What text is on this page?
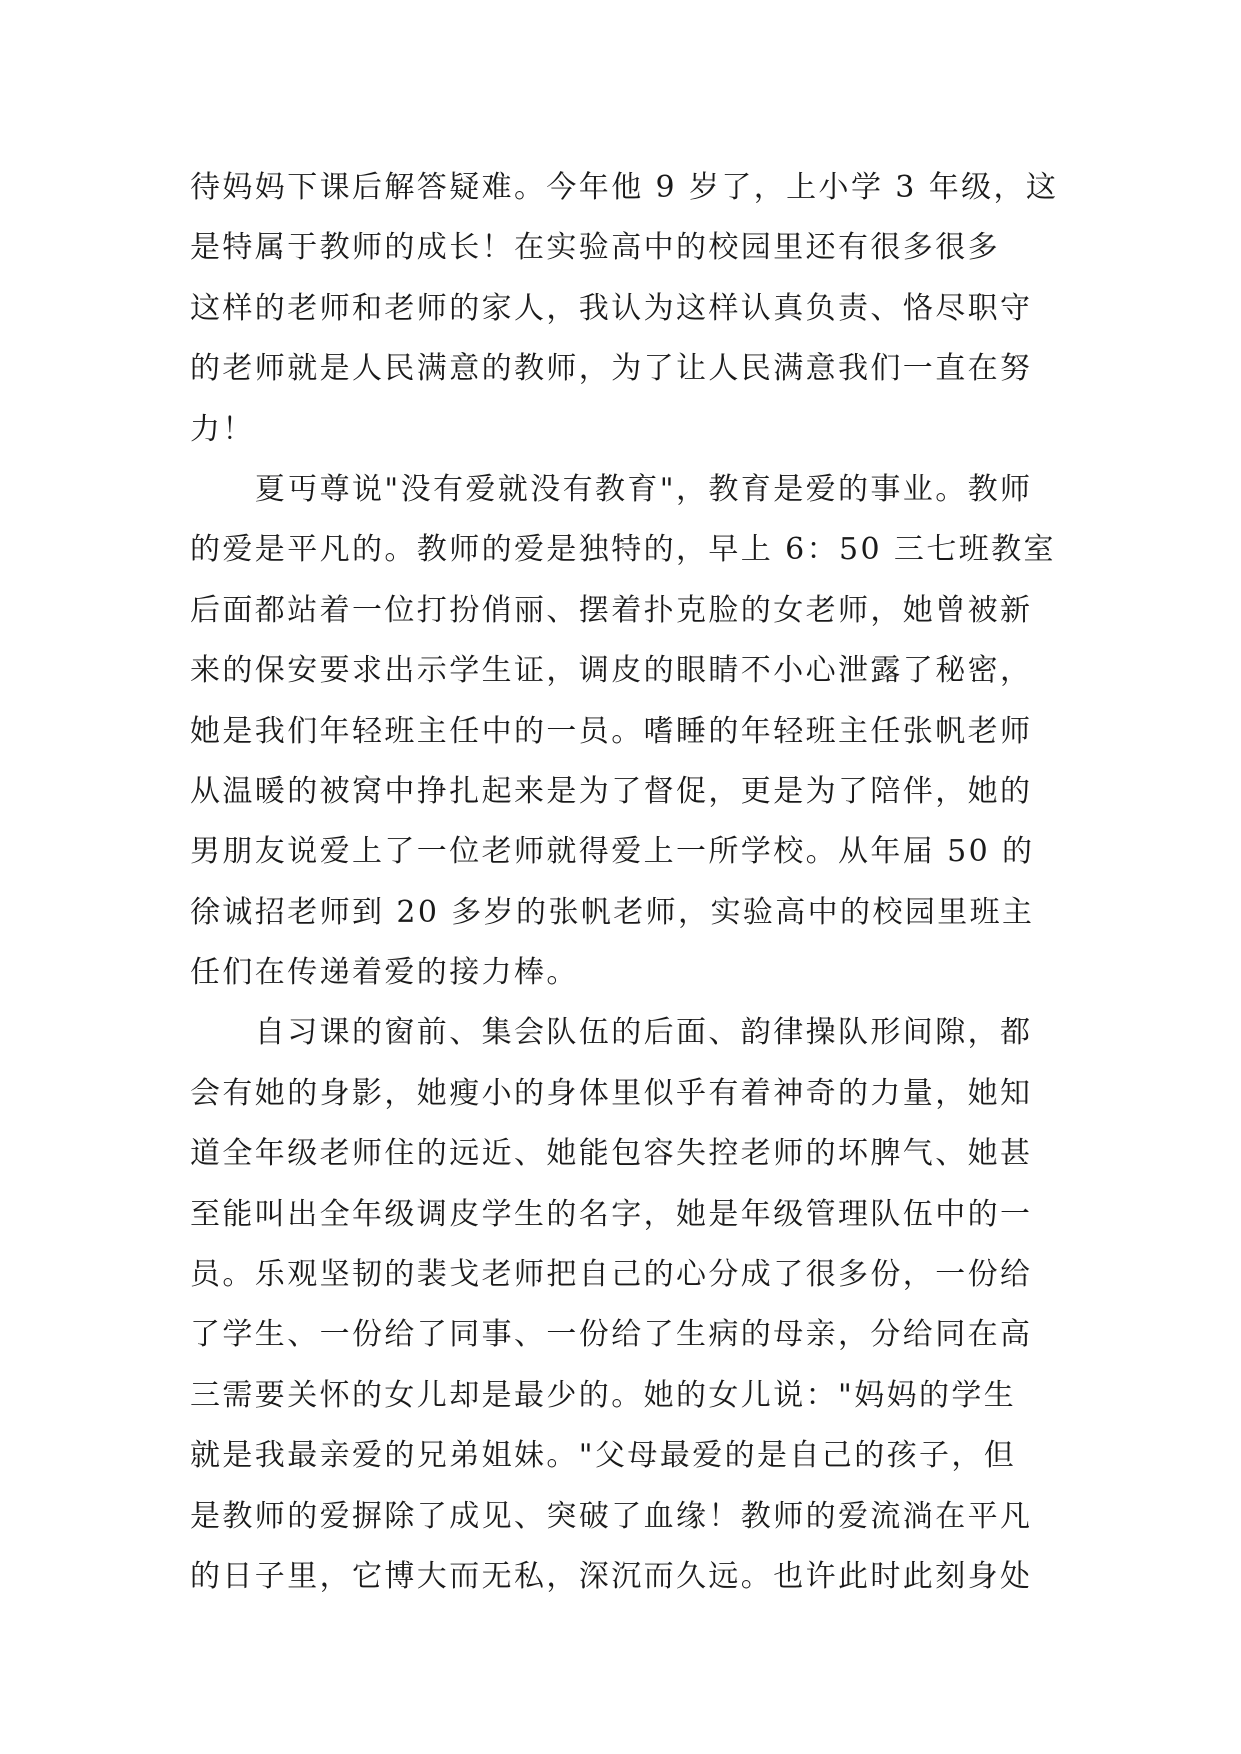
待妈妈下课后解答疑难。今年他 9 岁了，上小学 3 年级，这
是特属于教师的成长！在实验高中的校园里还有很多很多
这样的老师和老师的家人，我认为这样认真负责、恪尽职守
的老师就是人民满意的教师，为了让人民满意我们一直在努
力！
　　夏丏尊说"没有爱就没有教育"，教育是爱的事业。教师
的爱是平凡的。教师的爱是独特的，早上 6：50 三七班教室
后面都站着一位打扮俏丽、摆着扑克脸的女老师，她曾被新
来的保安要求出示学生证，调皮的眼睛不小心泄露了秘密，
她是我们年轻班主任中的一员。嗜睡的年轻班主任张帆老师
从温暖的被窝中挣扎起来是为了督促，更是为了陪伴，她的
男朋友说爱上了一位老师就得爱上一所学校。从年届 50 的
徐诚招老师到 20 多岁的张帆老师，实验高中的校园里班主
任们在传递着爱的接力棒。
　　自习课的窗前、集会队伍的后面、韵律操队形间隙，都
会有她的身影，她瘦小的身体里似乎有着神奇的力量，她知
道全年级老师住的远近、她能包容失控老师的坏脾气、她甚
至能叫出全年级调皮学生的名字，她是年级管理队伍中的一
员。乐观坚韧的裴戈老师把自己的心分成了很多份，一份给
了学生、一份给了同事、一份给了生病的母亲，分给同在高
三需要关怀的女儿却是最少的。她的女儿说："妈妈的学生
就是我最亲爱的兄弟姐妹。"父母最爱的是自己的孩子，但
是教师的爱摒除了成见、突破了血缘！教师的爱流淌在平凡
的日子里，它博大而无私，深沉而久远。也许此时此刻身处
